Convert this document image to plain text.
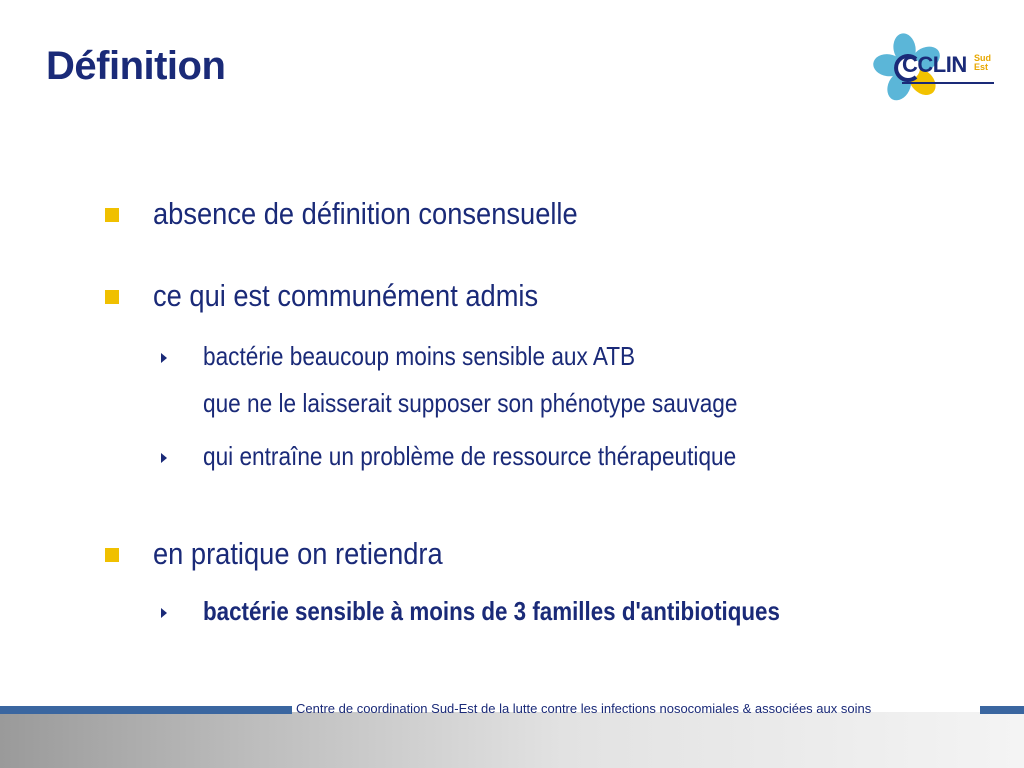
Définition	CCLIN Sud
Est
absence de définition consensuelle
ce qui est communément admis
bactérie beaucoup moins sensible aux ATB
que ne le laisserait supposer son phénotype sauvage
qui entraîne un problème de ressource thérapeutique
en pratique on retiendra
bactérie sensible à moins de 3 familles d'antibiotiques
Centre de coordination Sud-Est de la lutte contre les infections nosocomiales & associées aux soins
